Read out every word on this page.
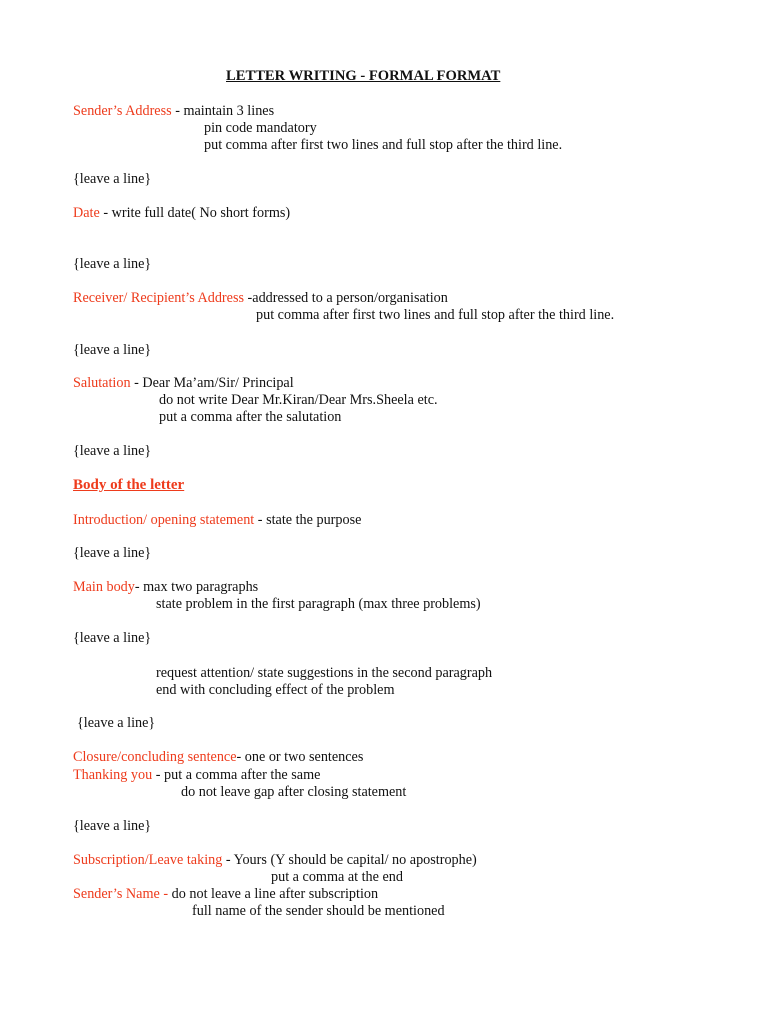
LETTER WRITING - FORMAL FORMAT
Sender’s Address - maintain 3 lines
pin code mandatory
put comma after first two lines and full stop after the third line.
{leave a line}
Date - write full date( No short forms)
{leave a line}
Receiver/ Recipient’s Address -addressed to a person/organisation
put comma after first two lines and full stop after the third line.
{leave a line}
Salutation - Dear Ma’am/Sir/ Principal
do not write Dear Mr.Kiran/Dear Mrs.Sheela etc.
put a comma after the salutation
{leave a line}
Body of the letter
Introduction/ opening statement - state the purpose
{leave a line}
Main body- max two paragraphs
state problem in the first paragraph (max three problems)
{leave a line}
request attention/ state suggestions in the second paragraph
end with concluding effect of the problem
{leave a line}
Closure/concluding sentence- one or two sentences
Thanking you - put a comma after the same
do not leave gap after closing statement
{leave a line}
Subscription/Leave taking - Yours (Y should be capital/ no apostrophe)
put a comma at the end
Sender’s Name - do not leave a line after subscription
full name of the sender should be mentioned
